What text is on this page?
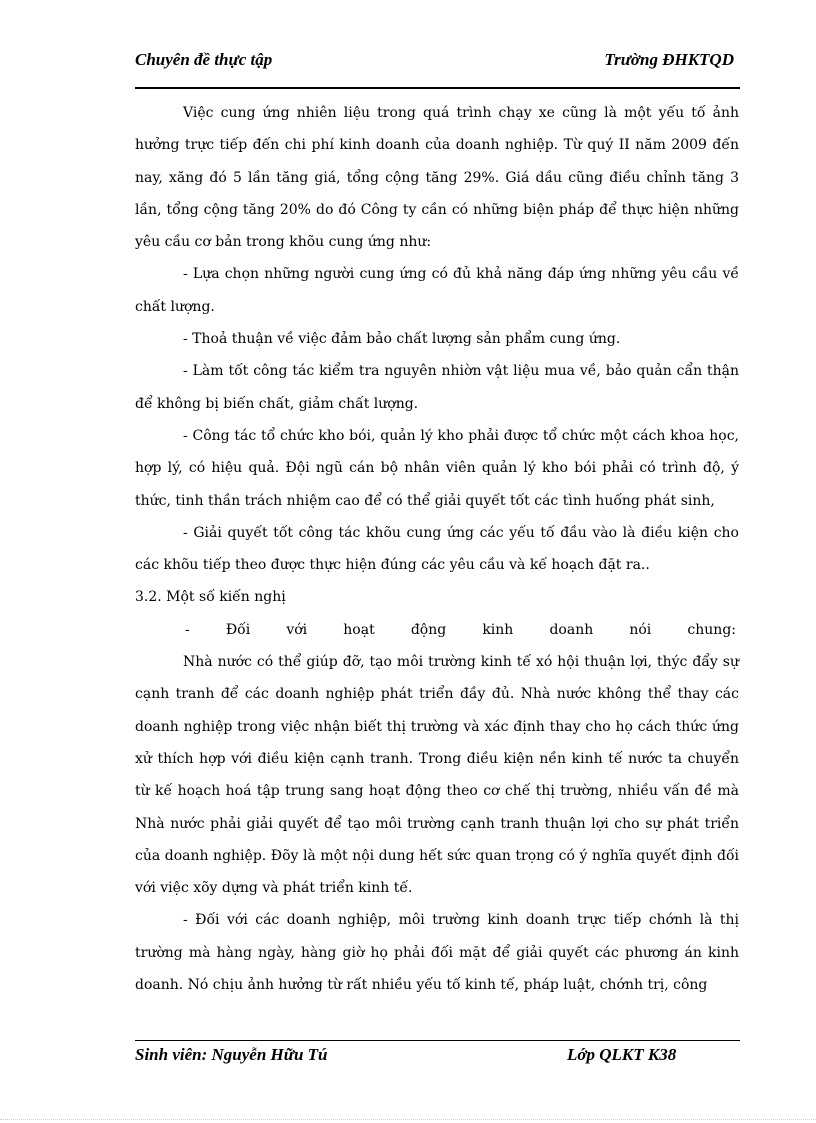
Chuyên đề thực tập	Trường ĐHKTQD

Việc cung ứng nhiên liệu trong quá trình chạy xe cũng là một yếu tố ảnh hưởng trực tiếp đến chi phí kinh doanh của doanh nghiệp. Từ quý II năm 2009 đến nay, xăng đó 5 lần tăng giá, tổng cộng tăng 29%. Giá dầu cũng điều chỉnh tăng 3 lần, tổng cộng tăng 20% do đó Công ty cần có những biện pháp để thực hiện những yêu cầu cơ bản trong khõu cung ứng như:

- Lựa chọn những người cung ứng có đủ khả năng đáp ứng những yêu cầu về chất lượng.

- Thoả thuận về việc đảm bảo chất lượng sản phẩm cung ứng.

- Làm tốt công tác kiểm tra nguyên nhiờn vật liệu mua về, bảo quản cẩn thận để không bị biến chất, giảm chất lượng.

- Công tác tổ chức kho bói, quản lý kho phải được tổ chức một cách khoa học, hợp lý, có hiệu quả. Đội ngũ cán bộ nhân viên quản lý kho bói phải có trình độ, ý thức, tinh thần trách nhiệm cao để có thể giải quyết tốt các tình huống phát sinh,

- Giải quyết tốt công tác khõu cung ứng các yếu tố đầu vào là điều kiện cho các khõu tiếp theo được thực hiện đúng các yêu cầu và kế hoạch đặt ra..

3.2. Một số kiến nghị

-	Đối	với	hoạt	động	kinh	doanh	nói	chung:

Nhà nước có thể giúp đỡ, tạo môi trường kinh tế xó hội thuận lợi, thýc đẩy sự cạnh tranh để các doanh nghiệp phát triển đầy đủ. Nhà nước không thể thay các doanh nghiệp trong việc nhận biết thị trường và xác định thay cho họ cách thức ứng xử thích hợp với điều kiện cạnh tranh. Trong điều kiện nền kinh tế nước ta chuyển từ kế hoạch hoá tập trung sang hoạt động theo cơ chế thị trường, nhiều vấn đề mà Nhà nước phải giải quyết để tạo môi trường cạnh tranh thuận lợi cho sự phát triển của doanh nghiệp. Đõy là một nội dung hết sức quan trọng có ý nghĩa quyết định đối với việc xõy dựng và phát triển kinh tế.

- Đối với các doanh nghiệp, môi trường kinh doanh trực tiếp chớnh là thị trường mà hàng ngày, hàng giờ họ phải đối mặt để giải quyết các phương án kinh doanh. Nó chịu ảnh hưởng từ rất nhiều yếu tố kinh tế, pháp luật, chớnh trị, công

Sinh viên: Nguyễn Hữu Tú	Lớp QLKT K38
